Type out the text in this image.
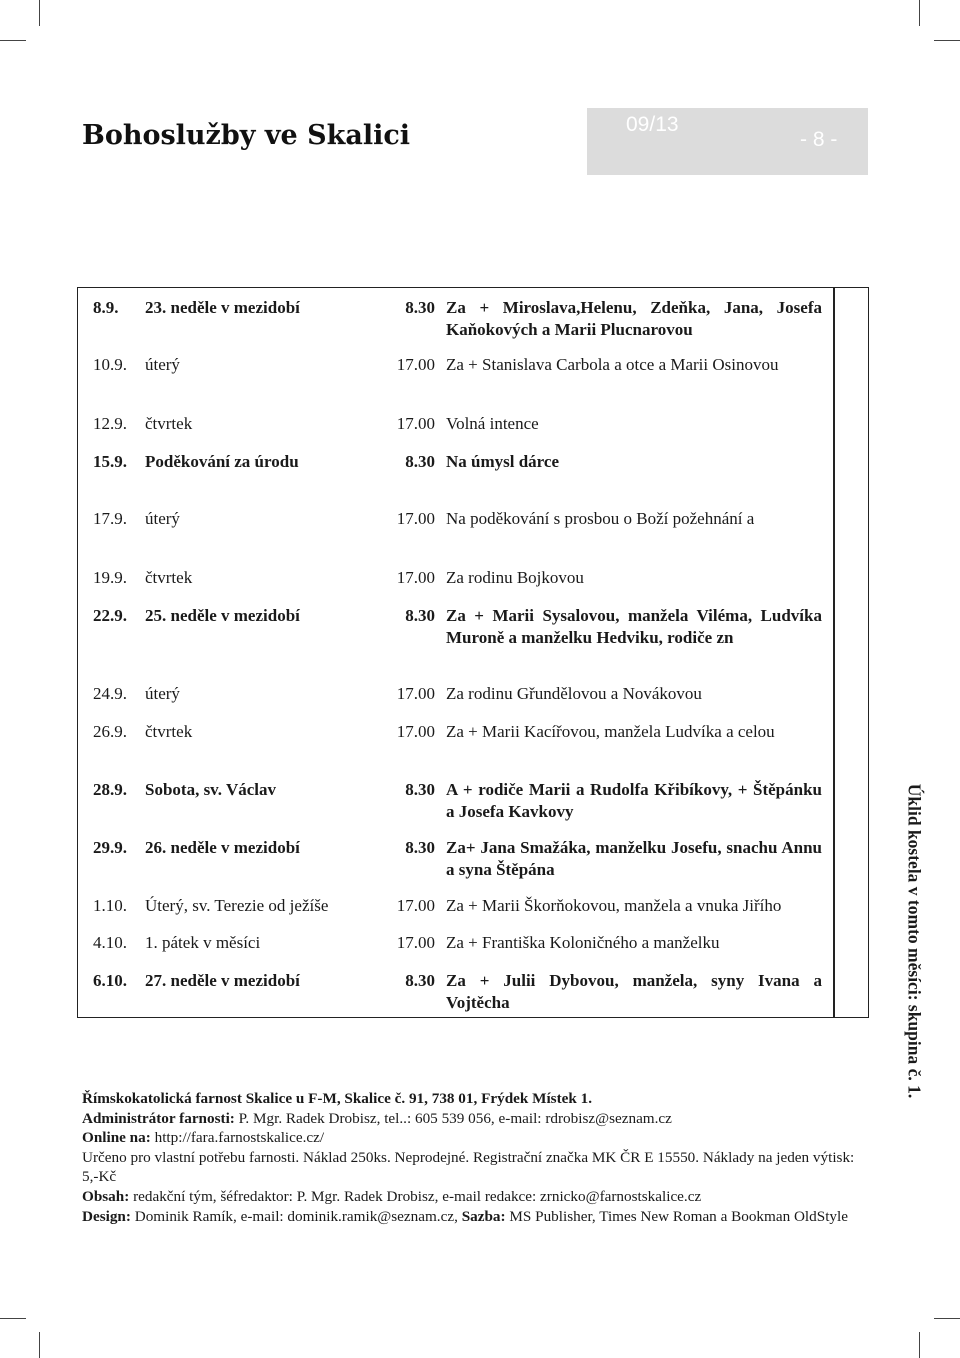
Bohoslužby ve Skalici	09/13
- 8 -
Úklid kostela v tomto měsíci: skupina č. 1.
8.9. 23. neděle v mezidobí	8.30 Za + Miroslava,Helenu, Zdeňka, Jana, Josefa Kaňokových a Marii Plucnarovou
10.9. úterý	17.00 Za + Stanislava Carbola a otce a Marii Osinovou
12.9. čtvrtek	17.00 Volná intence
15.9. Poděkování za úrodu	8.30 Na úmysl dárce
17.9. úterý	17.00 Na poděkování s prosbou o Boží požehnání a
19.9. čtvrtek	17.00 Za rodinu Bojkovou
22.9. 25. neděle v mezidobí	8.30 Za + Marii Sysalovou, manžela Viléma, Ludvíka Muroně a manželku Hedviku, rodiče zn
24.9. úterý	17.00 Za rodinu Gřundělovou a Novákovou
26.9. čtvrtek	17.00 Za + Marii Kacířovou, manžela Ludvíka a celou
28.9. Sobota, sv. Václav	8.30 A + rodiče Marii a Rudolfa Křibíkovy, + Štěpánku a Josefa Kavkovy
29.9. 26. neděle v mezidobí	8.30 Za+ Jana Smažáka, manželku Josefu, snachu Annu a syna Štěpána
1.10. Úterý, sv. Terezie od ježíše	17.00 Za + Marii Škorňokovou, manžela a vnuka Jiřího
4.10. 1. pátek v měsíci	17.00 Za + Františka Koloničného a manželku
6.10. 27. neděle v mezidobí	8.30 Za + Julii Dybovou, manžela, syny Ivana a Vojtěcha

Římskokatolická farnost Skalice u F-M, Skalice č. 91, 738 01, Frýdek Místek 1.

Administrátor farnosti: P. Mgr. Radek Drobisz, tel..: 605 539 056, e-mail: rdrobisz@seznam.cz

Online na: http://fara.farnostskalice.cz/

Určeno pro vlastní potřebu farnosti. Náklad 250ks. Neprodejné. Registrační značka MK ČR E 15550. Náklady na jeden výtisk: 5,-Kč

Obsah: redakční tým, šéfredaktor: P. Mgr. Radek Drobisz, e-mail redakce: zrnicko@farnostskalice.cz

Design: Dominik Ramík, e-mail: dominik.ramik@seznam.cz, Sazba: MS Publisher, Times New Roman a Bookman OldStyle
